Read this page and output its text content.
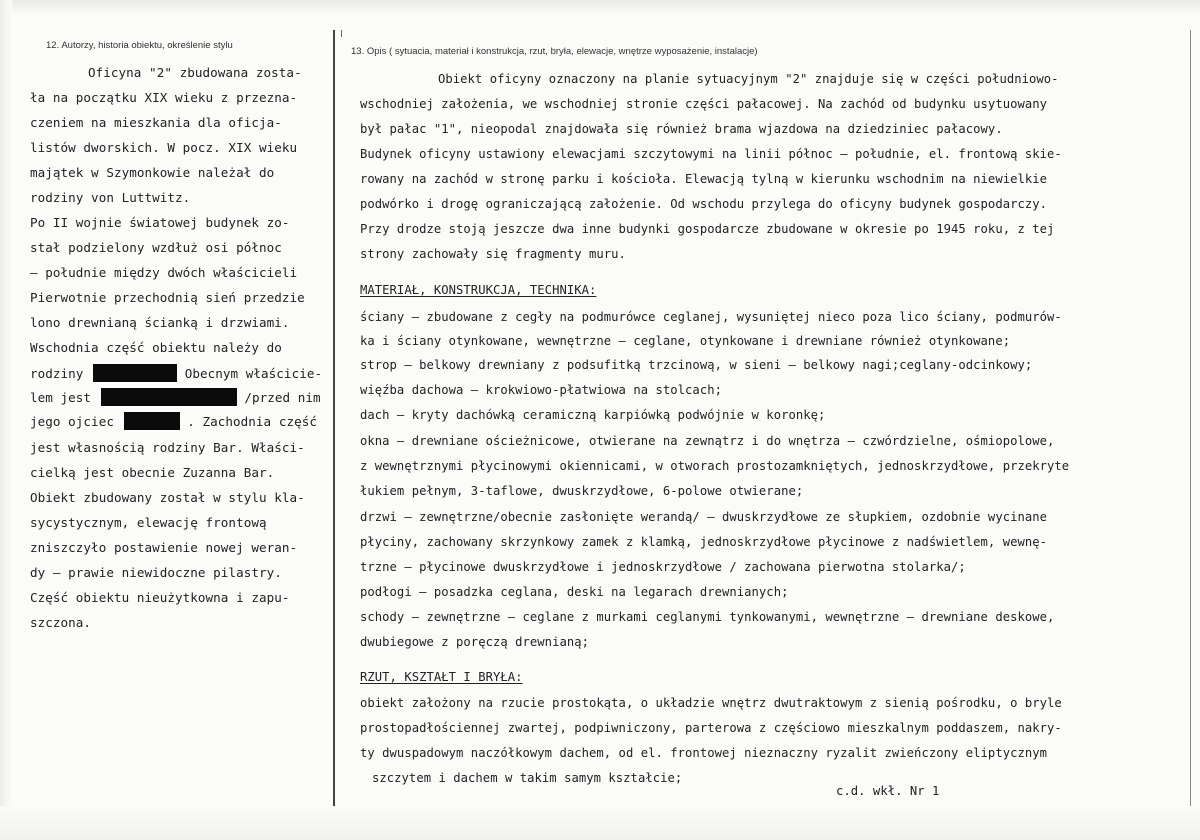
12. Autorzy, historia obiektu, określenie stylu
13. Opis ( sytuacia, materiał i konstrukcja, rzut, bryła, elewacje, wnętrze wyposażenie, instalacje)
Oficyna "2" zbudowana zosta-
ła na początku XIX wieku z przezna-
czeniem na mieszkania dla oficja-
listów dworskich. W pocz. XIX wieku
majątek w Szymonkowie należał do
rodziny von Luttwitz.
Po II wojnie światowej budynek zo-
stał podzielony wzdłuż osi północ
– południe między dwóch właścicieli
Pierwotnie przechodnią sień przedzie
lono drewnianą ścianką i drzwiami.
Wschodnia część obiektu należy do
rodziny	Obecnym właścicie-
lem jest	/przed nim
jego ojciec	. Zachodnia część
jest własnością rodziny Bar. Właści-
cielką jest obecnie Zuzanna Bar.
Obiekt zbudowany został w stylu kla-
sycystycznym, elewację frontową
zniszczyło postawienie nowej weran-
dy – prawie niewidoczne pilastry.
Część obiektu nieużytkowna i zapu-
szczona.
Obiekt oficyny oznaczony na planie sytuacyjnym "2" znajduje się w części południowo-
wschodniej założenia, we wschodniej stronie części pałacowej. Na zachód od budynku usytuowany
był pałac "1", nieopodal znajdowała się również brama wjazdowa na dziedziniec pałacowy.
Budynek oficyny ustawiony elewacjami szczytowymi na linii północ – południe, el. frontową skie-
rowany na zachód w stronę parku i kościoła. Elewacją tylną w kierunku wschodnim na niewielkie
podwórko i drogę ograniczającą założenie. Od wschodu przylega do oficyny budynek gospodarczy.
Przy drodze stoją jeszcze dwa inne budynki gospodarcze zbudowane w okresie po 1945 roku, z tej
strony zachowały się fragmenty muru.
MATERIAŁ, KONSTRUKCJA, TECHNIKA:
ściany – zbudowane z cegły na podmurówce ceglanej, wysuniętej nieco poza lico ściany, podmurów-
ka i ściany otynkowane, wewnętrzne – ceglane, otynkowane i drewniane również otynkowane;
strop – belkowy drewniany z podsufitką trzcinową, w sieni – belkowy nagi;ceglany-odcinkowy;
więźba dachowa – krokwiowo-płatwiowa na stolcach;
dach – kryty dachówką ceramiczną karpiówką podwójnie w koronkę;
okna – drewniane ościeżnicowe, otwierane na zewnątrz i do wnętrza – czwórdzielne, ośmiopolowe,
z wewnętrznymi płycinowymi okiennicami, w otworach prostozamkniętych, jednoskrzydłowe, przekryte
łukiem pełnym, 3-taflowe, dwuskrzydłowe, 6-polowe otwierane;
drzwi – zewnętrzne/obecnie zasłonięte werandą/ – dwuskrzydłowe ze słupkiem, ozdobnie wycinane
płyciny, zachowany skrzynkowy zamek z klamką, jednoskrzydłowe płycinowe z nadświetlem, wewnę-
trzne – płycinowe dwuskrzydłowe i jednoskrzydłowe / zachowana pierwotna stolarka/;
podłogi – posadzka ceglana, deski na legarach drewnianych;
schody – zewnętrzne – ceglane z murkami ceglanymi tynkowanymi, wewnętrzne – drewniane deskowe,
dwubiegowe z poręczą drewnianą;
RZUT, KSZTAŁT I BRYŁA:
obiekt założony na rzucie prostokąta, o układzie wnętrz dwutraktowym z sienią pośrodku, o bryle
prostopadłościennej zwartej, podpiwniczony, parterowa z częściowo mieszkalnym poddaszem, nakry-
ty dwuspadowym naczółkowym dachem, od el. frontowej nieznaczny ryzalit zwieńczony eliptycznym
szczytem i dachem w takim samym kształcie;
c.d. wkł. Nr 1
